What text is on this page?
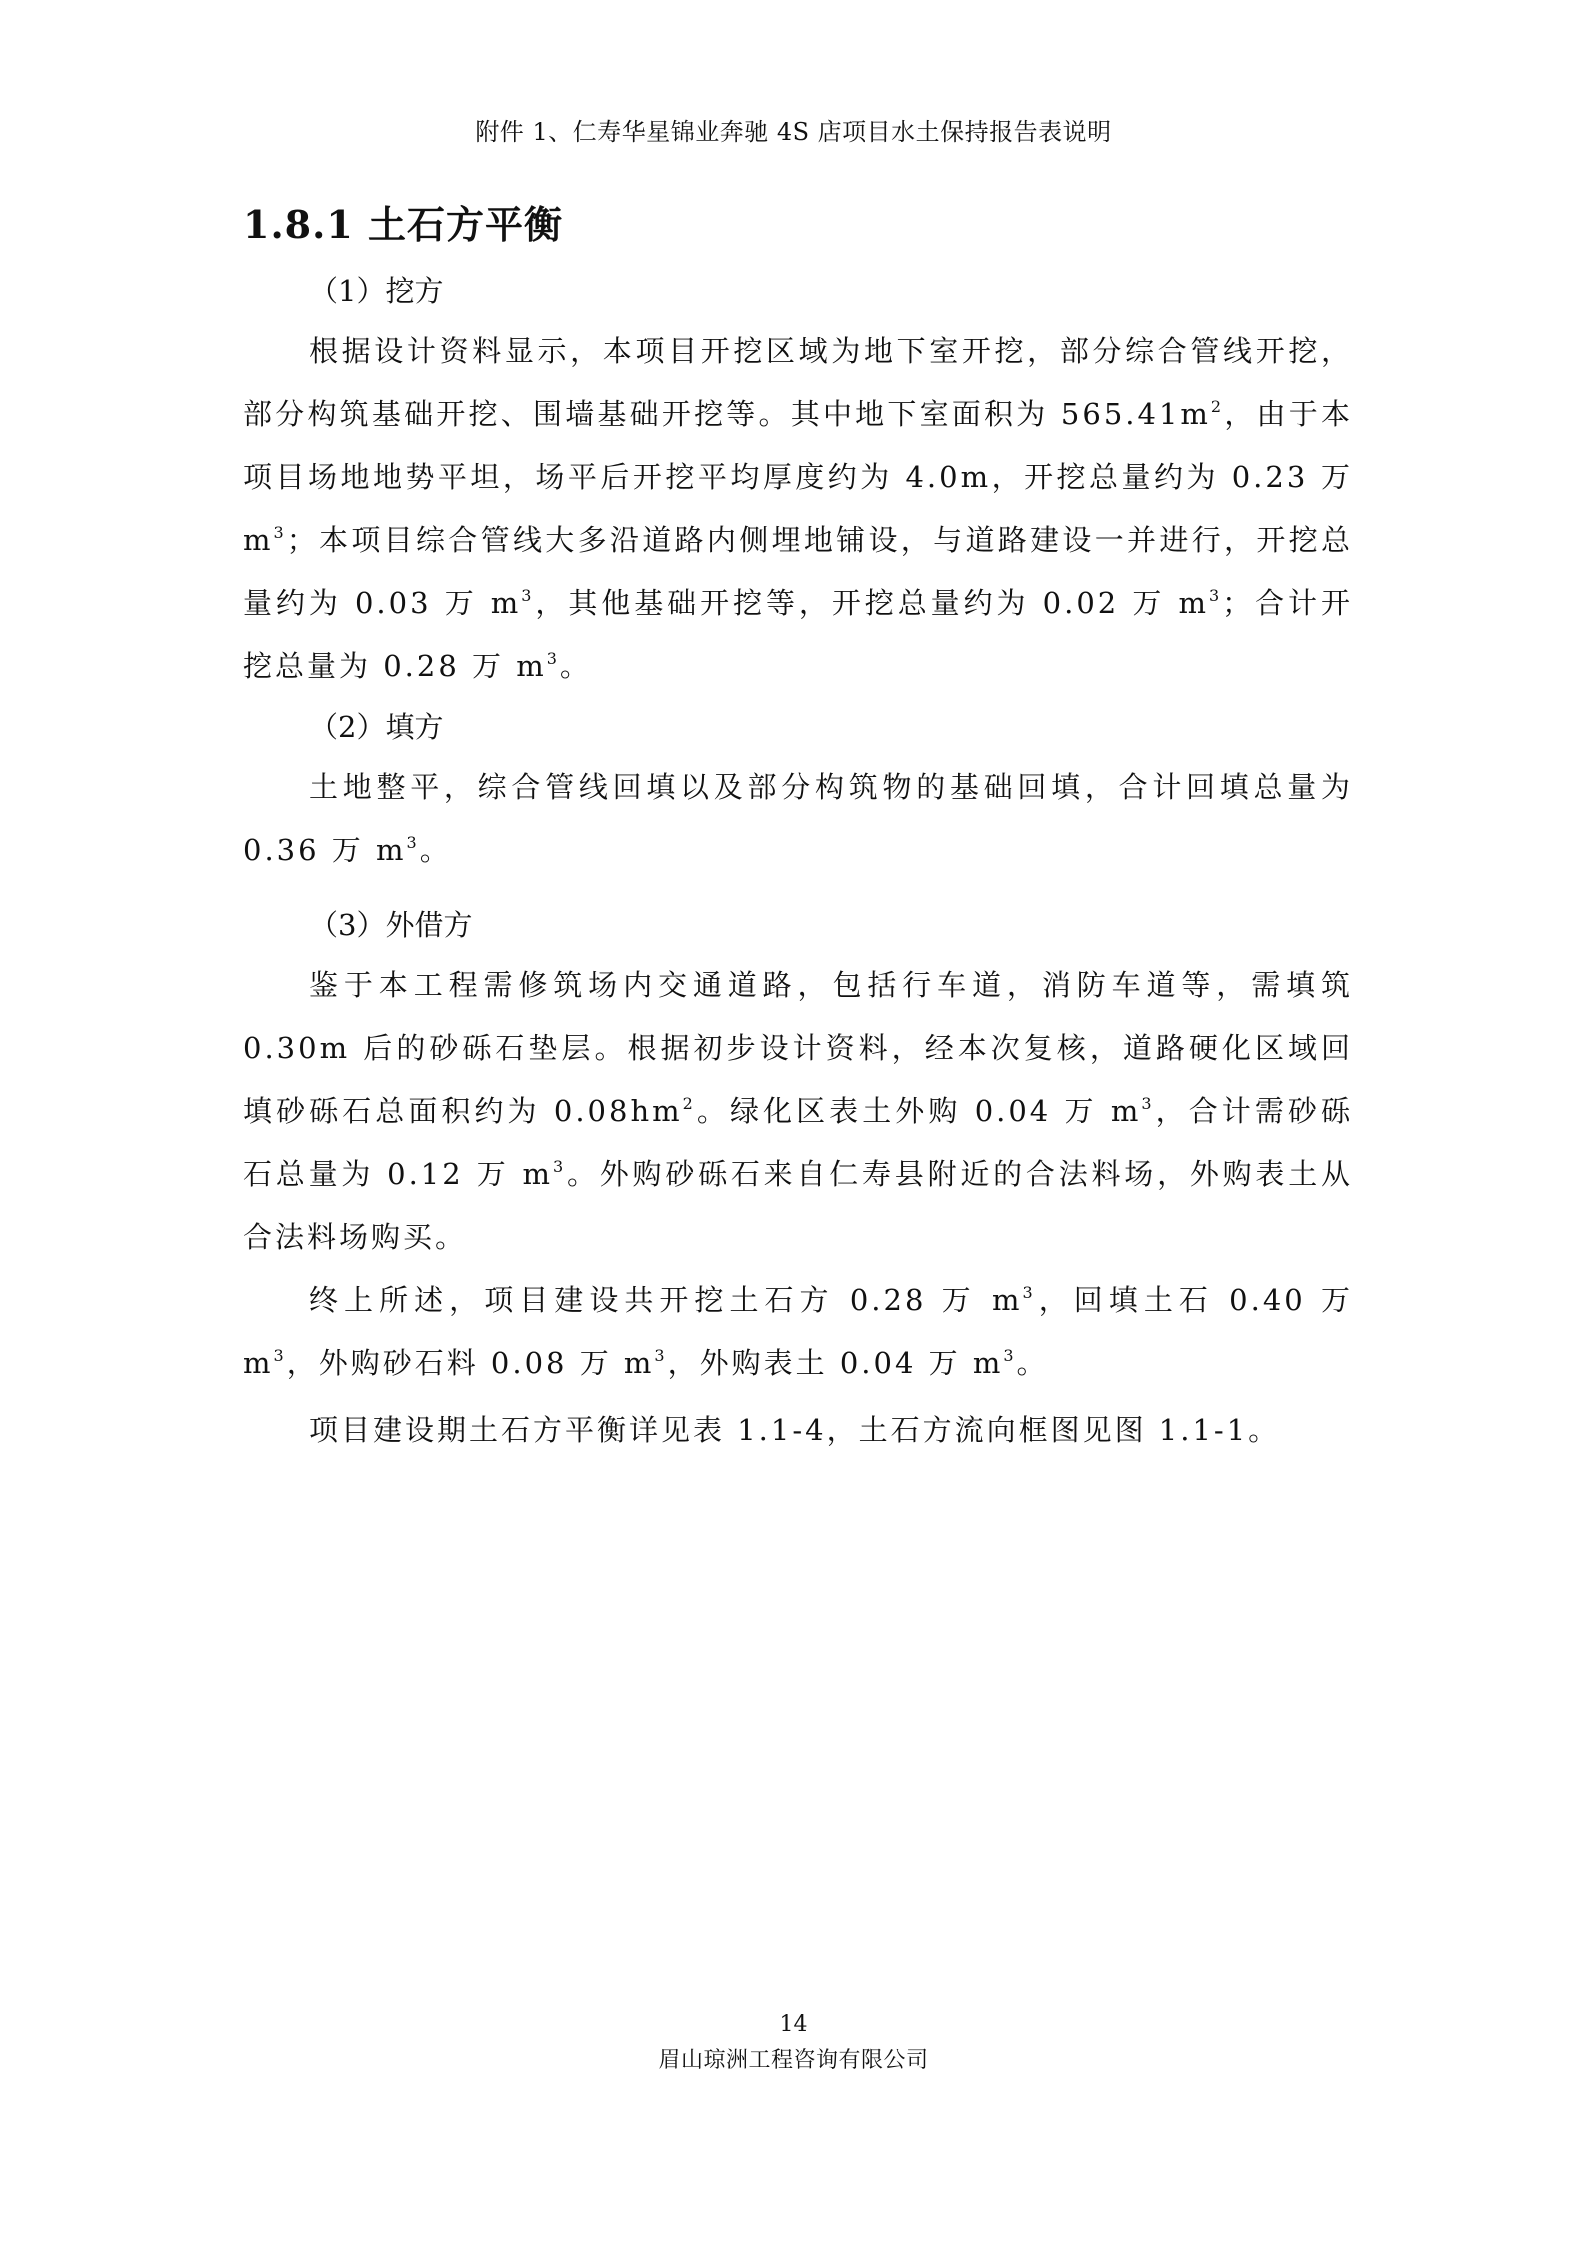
附件 1、仁寿华星锦业奔驰 4S 店项目水土保持报告表说明
1.8.1 土石方平衡

（1）挖方

根据设计资料显示，本项目开挖区域为地下室开挖，部分综合管线开挖，部分构筑基础开挖、围墙基础开挖等。其中地下室面积为 $565.41m^2$，由于本项目场地地势平坦，场平后开挖平均厚度约为 4.0m，开挖总量约为 0.23 万 $m^3$；本项目综合管线大多沿道路内侧埋地铺设，与道路建设一并进行，开挖总量约为 0.03 万 $m^3$，其他基础开挖等，开挖总量约为 0.02 万 $m^3$；合计开挖总量为 0.28 万 $m^3$。

（2）填方

土地整平，综合管线回填以及部分构筑物的基础回填，合计回填总量为 0.36 万 $m^3$。

（3）外借方

鉴于本工程需修筑场内交通道路，包括行车道，消防车道等，需填筑 0.30m 后的砂砾石垫层。根据初步设计资料，经本次复核，道路硬化区域回填砂砾石总面积约为 $0.08hm^2$。绿化区表土外购 0.04 万 $m^3$，合计需砂砾石总量为 0.12 万 $m^3$。外购砂砾石来自仁寿县附近的合法料场，外购表土从合法料场购买。

终上所述，项目建设共开挖土石方 0.28 万 $m^3$，回填土石 0.40 万 $m^3$，外购砂石料 0.08 万 $m^3$，外购表土 0.04 万 $m^3$。

项目建设期土石方平衡详见表 1.1-4，土石方流向框图见图 1.1-1。

14
眉山琼洲工程咨询有限公司
